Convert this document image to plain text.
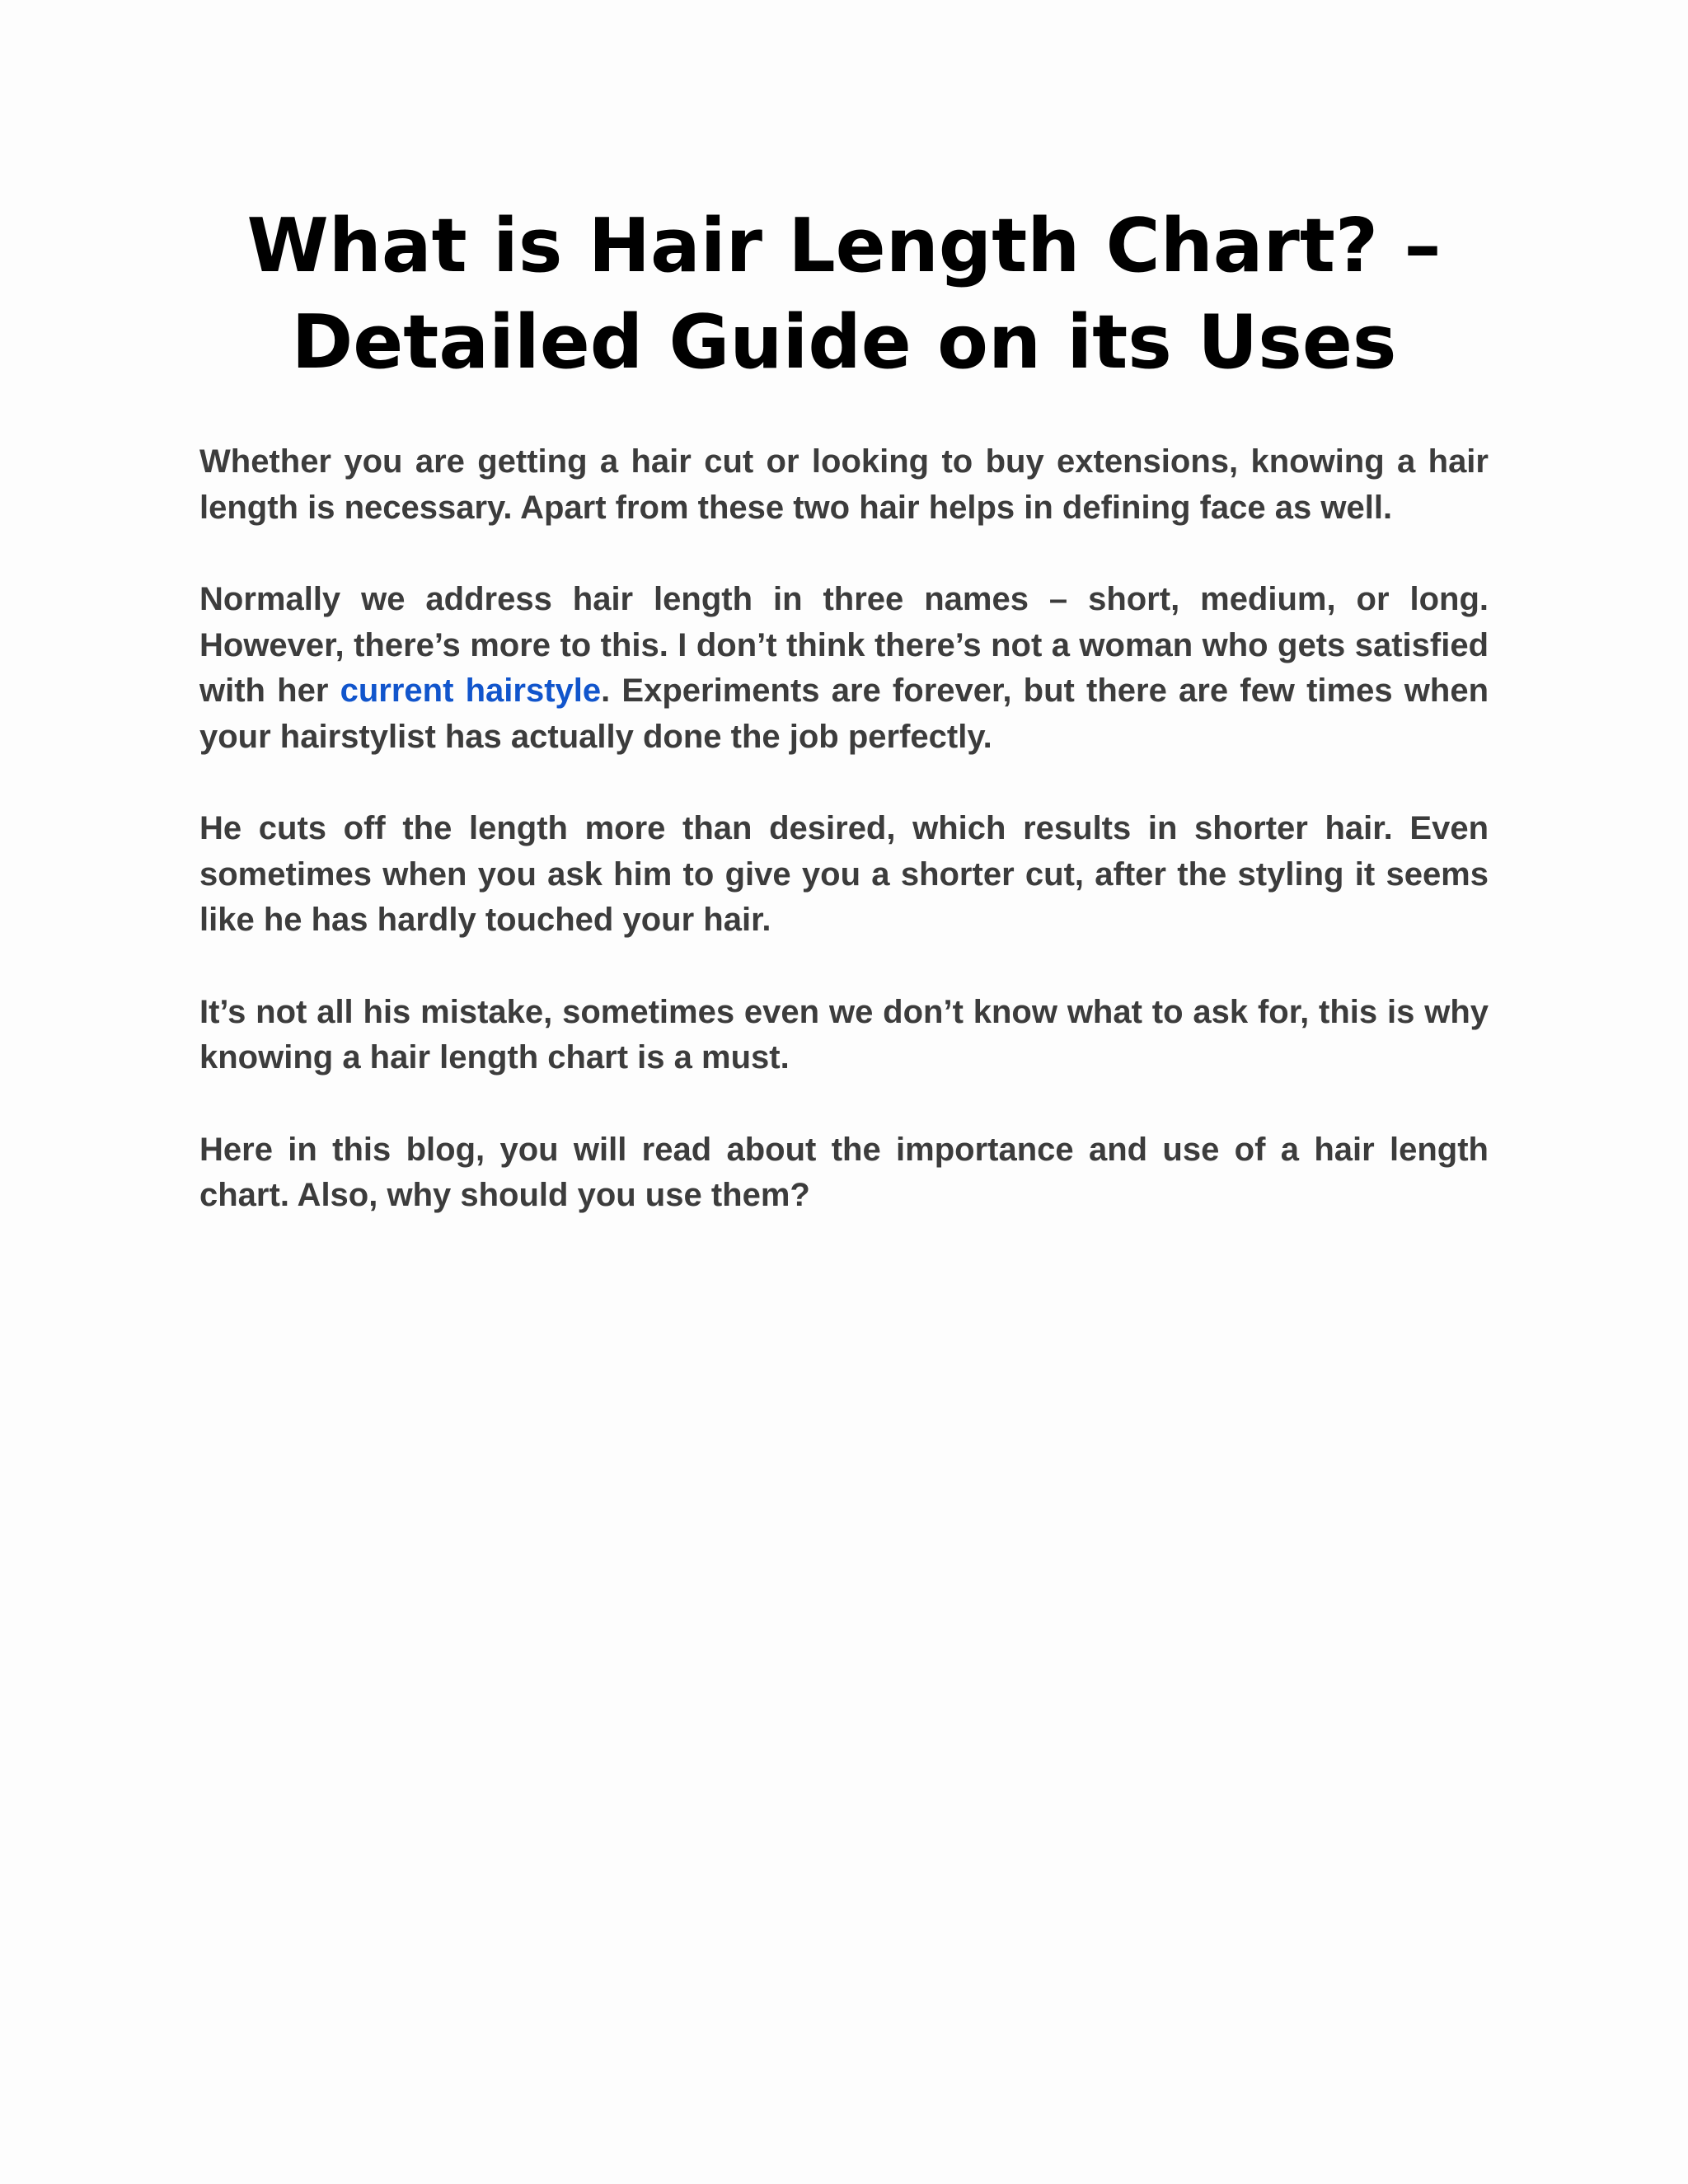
What is Hair Length Chart? – Detailed Guide on its Uses

Whether you are getting a hair cut or looking to buy extensions, knowing a hair length is necessary. Apart from these two hair helps in defining face as well.

Normally we address hair length in three names – short, medium, or long. However, there’s more to this. I don’t think there’s not a woman who gets satisfied with her current hairstyle. Experiments are forever, but there are few times when your hairstylist has actually done the job perfectly.

He cuts off the length more than desired, which results in shorter hair. Even sometimes when you ask him to give you a shorter cut, after the styling it seems like he has hardly touched your hair.

It’s not all his mistake, sometimes even we don’t know what to ask for, this is why knowing a hair length chart is a must.

Here in this blog, you will read about the importance and use of a hair length chart. Also, why should you use them?
